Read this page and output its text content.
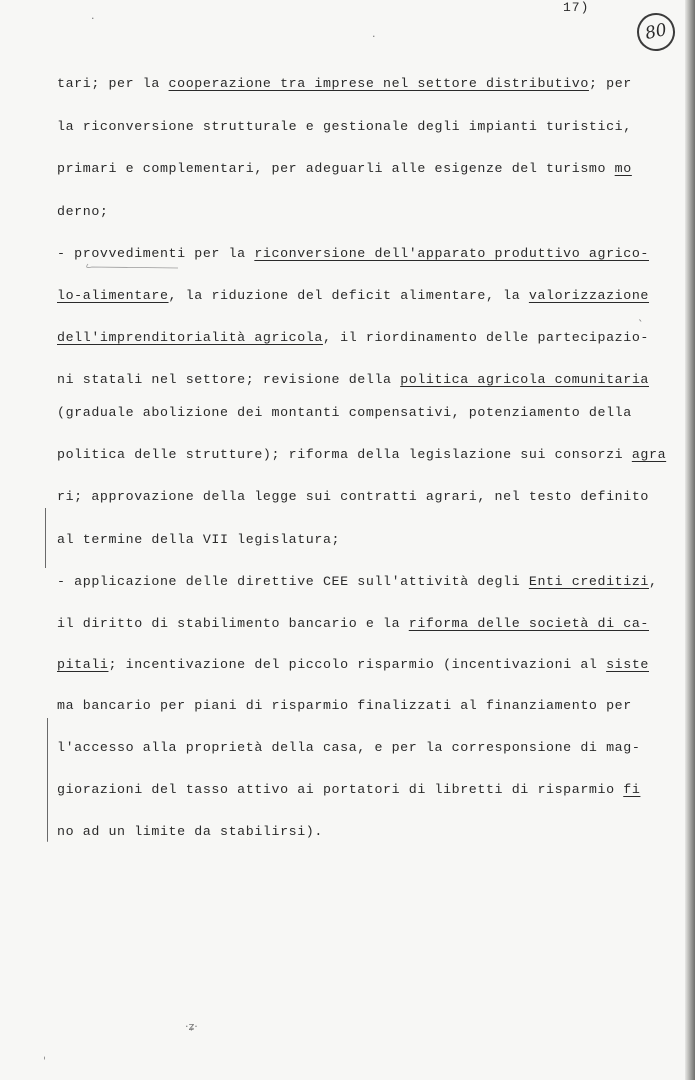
17)
80
tari; per la cooperazione tra imprese nel settore distributivo; per
la riconversione strutturale e gestionale degli impianti turistici,
primari e complementari, per adeguarli alle esigenze del turismo mo
derno;
- provvedimenti per la riconversione dell'apparato produttivo agrico-
lo-alimentare, la riduzione del deficit alimentare, la valorizzazione
dell'imprenditorialità agricola, il riordinamento delle partecipazio-
ni statali nel settore; revisione della politica agricola comunitaria
(graduale abolizione dei montanti compensativi, potenziamento della
politica delle strutture); riforma della legislazione sui consorzi agra
ri; approvazione della legge sui contratti agrari, nel testo definito
al termine della VII legislatura;
- applicazione delle direttive CEE sull'attività degli Enti creditizi,
il diritto di stabilimento bancario e la riforma delle società di ca-
pitali; incentivazione del piccolo risparmio (incentivazioni al siste
ma bancario per piani di risparmio finalizzati al finanziamento per
l'accesso alla proprietà della casa, e per la corresponsione di mag-
giorazioni del tasso attivo ai portatori di libretti di risparmio fi
no ad un limite da stabilirsi).
·
·
·ʑ·
ˌ
ˋ
